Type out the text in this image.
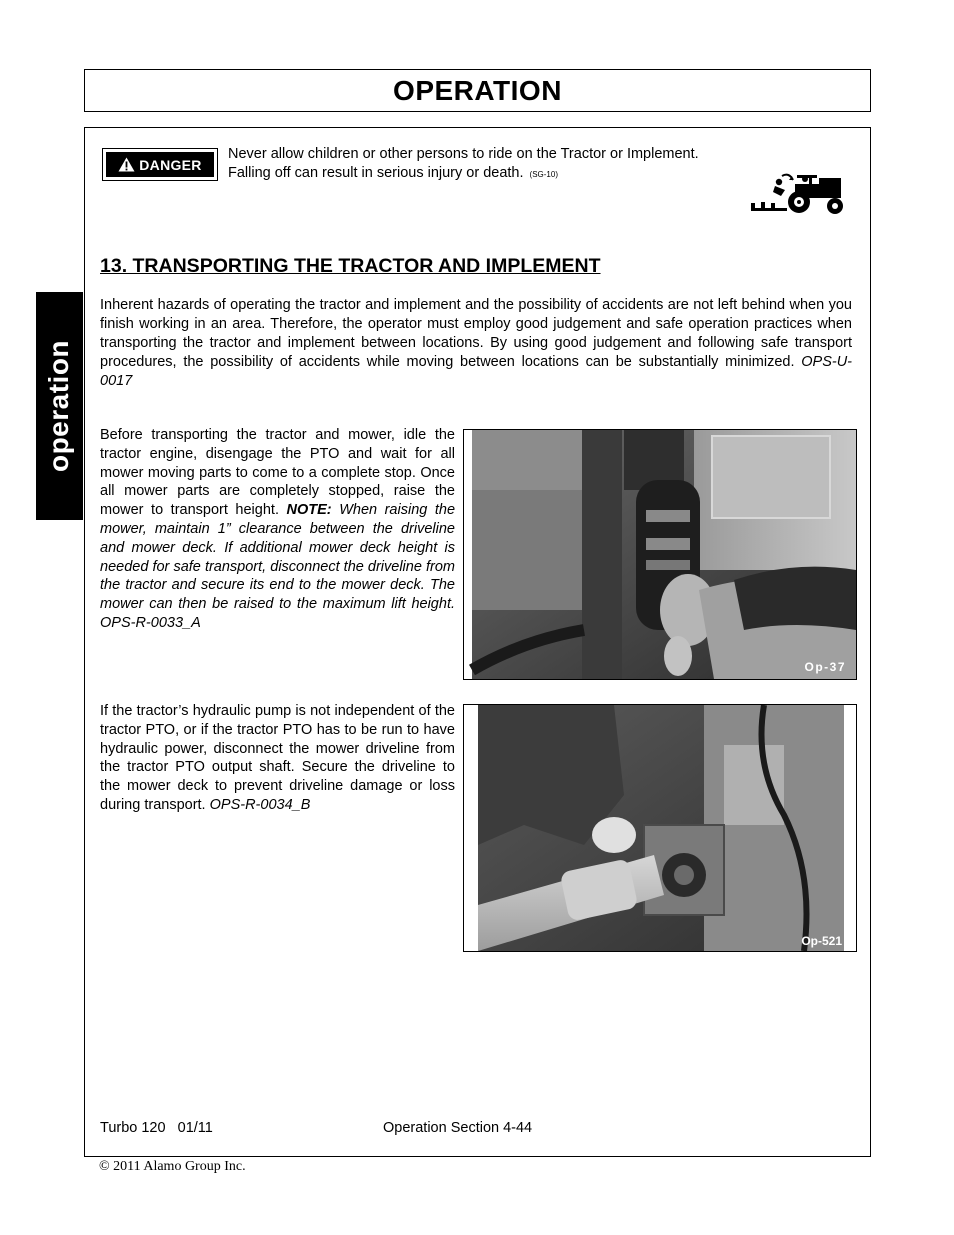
OPERATION
operation
DANGER
Never allow children or other persons to ride on the Tractor or Implement.
Falling off can result in serious injury or death. (SG-10)
13. TRANSPORTING THE TRACTOR AND IMPLEMENT

Inherent hazards of operating the tractor and implement and the possibility of accidents are not left behind when you finish working in an area. Therefore, the operator must employ good judgement and safe operation practices when transporting the tractor and implement between locations. By using good judgement and following safe transport procedures, the possibility of accidents while moving between locations can be substantially minimized. OPS-U- 0017

Before transporting the tractor and mower, idle the tractor engine, disengage the PTO and wait for all mower moving parts to come to a complete stop. Once all mower parts are completely stopped, raise the mower to transport height. NOTE: When raising the mower, maintain 1” clearance between the driveline and mower deck. If additional mower deck height is needed for safe transport, disconnect the driveline from the tractor and secure its end to the mower deck. The mower can then be raised to the maximum lift height. OPS-R-0033_A

If the tractor’s hydraulic pump is not independent of the tractor PTO, or if the tractor PTO has to be run to have hydraulic power, disconnect the mower driveline from the tractor PTO output shaft. Secure the driveline to the mower deck to prevent driveline damage or loss during transport. OPS-R-0034_B

Op-37
Op-521
Turbo 120   01/11	Operation Section 4-44
© 2011 Alamo Group Inc.
